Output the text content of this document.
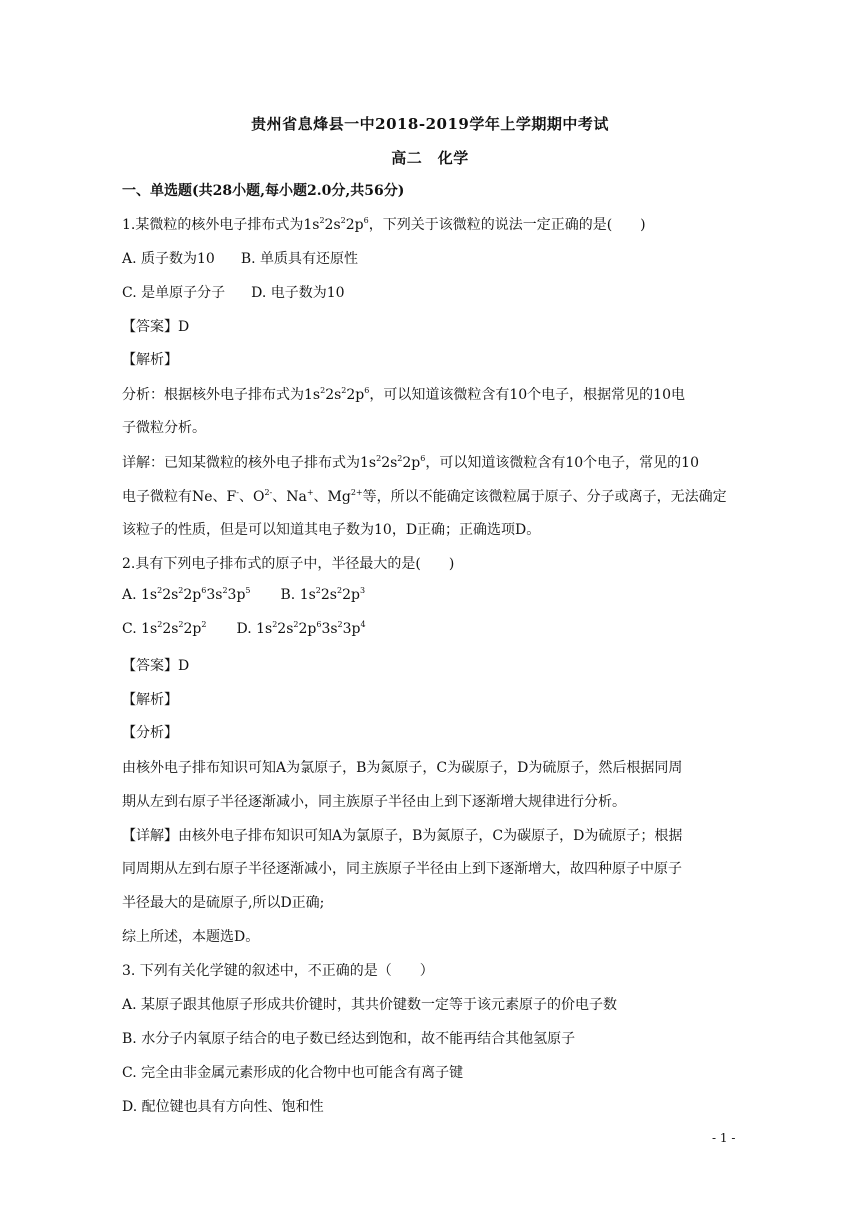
贵州省息烽县一中2018-2019学年上学期期中考试
高二　化学
一、单选题(共28小题,每小题2.0分,共56分)
1.某微粒的核外电子排布式为$1s^22s^22p^6$，下列关于该微粒的说法一定正确的是(　　)
A. 质子数为10 B. 单质具有还原性
C. 是单原子分子 D. 电子数为10
【答案】D
【解析】
分析：根据核外电子排布式为$1s^22s^22p^6$，可以知道该微粒含有10个电子，根据常见的10电
子微粒分析。
详解：已知某微粒的核外电子排布式为$1s^22s^22p^6$，可以知道该微粒含有10个电子，常见的10
电子微粒有Ne、F-、$O^{2-}$、Na+、$Mg^{2+}$等，所以不能确定该微粒属于原子、分子或离子，无法确定
该粒子的性质，但是可以知道其电子数为10，D正确；正确选项D。
2.具有下列电子排布式的原子中，半径最大的是(　　)
A. $1s^22s^22p^63s^23p^5$ B. $1s^22s^22p^3$
C. $1s^22s^22p^2$ D. $1s^22s^22p^63s^23p^4$
【答案】D
【解析】
【分析】
由核外电子排布知识可知A为氯原子，B为氮原子，C为碳原子，D为硫原子，然后根据同周
期从左到右原子半径逐渐减小，同主族原子半径由上到下逐渐增大规律进行分析。
【详解】由核外电子排布知识可知A为氯原子，B为氮原子，C为碳原子，D为硫原子；根据
同周期从左到右原子半径逐渐减小，同主族原子半径由上到下逐渐增大，故四种原子中原子
半径最大的是硫原子,所以D正确;
综上所述，本题选D。
3. 下列有关化学键的叙述中，不正确的是（　　）
A. 某原子跟其他原子形成共价键时，其共价键数一定等于该元素原子的价电子数
B. 水分子内氧原子结合的电子数已经达到饱和，故不能再结合其他氢原子
C. 完全由非金属元素形成的化合物中也可能含有离子键
D. 配位键也具有方向性、饱和性
- 1 -
